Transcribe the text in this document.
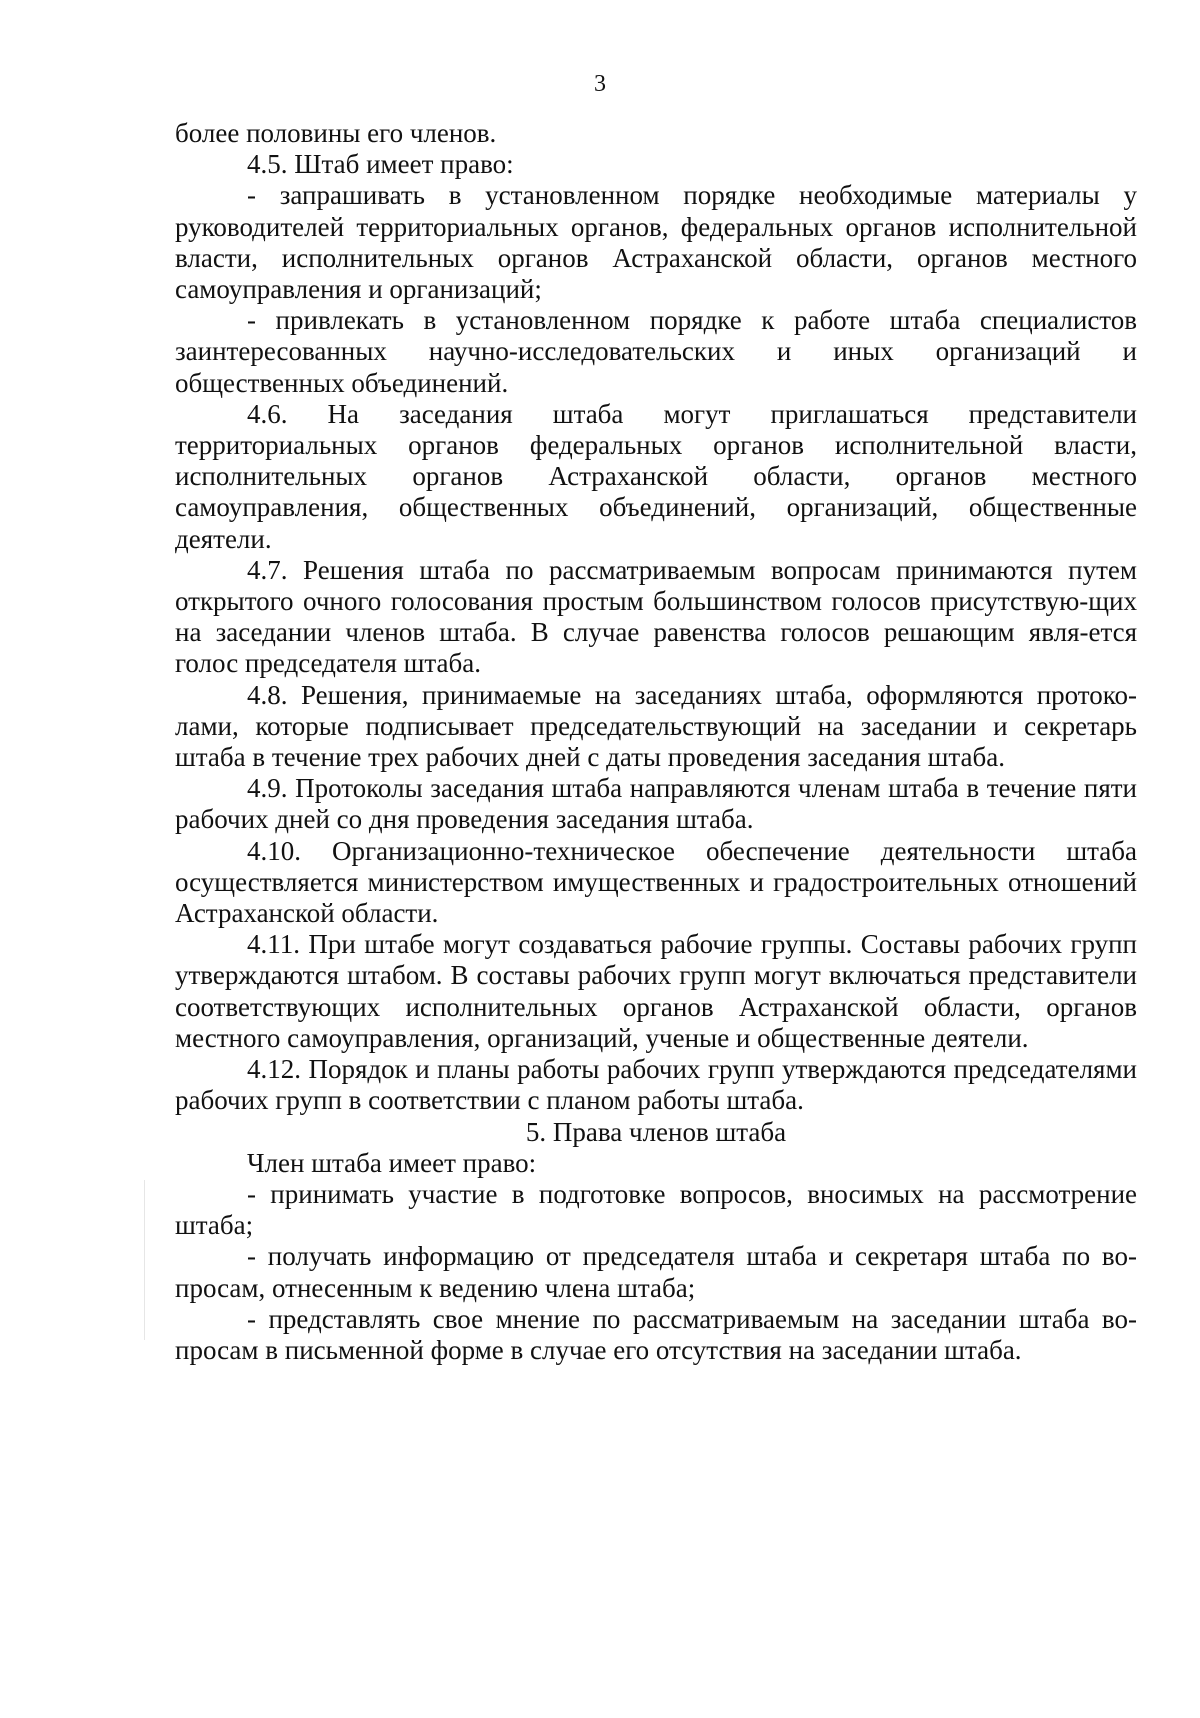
3

более половины его членов.

4.5. Штаб имеет право:

- запрашивать в установленном порядке необходимые материалы у руководителей территориальных органов, федеральных органов исполнительной власти, исполнительных органов Астраханской области, органов местного самоуправления и организаций;

- привлекать в установленном порядке к работе штаба специалистов заинтересованных научно-исследовательских и иных организаций и общественных объединений.

4.6. На заседания штаба могут приглашаться представители территориальных органов федеральных органов исполнительной власти, исполнительных органов Астраханской области, органов местного самоуправления, общественных объединений, организаций, общественные деятели.

4.7. Решения штаба по рассматриваемым вопросам принимаются путем открытого очного голосования простым большинством голосов присутствую-щих на заседании членов штаба. В случае равенства голосов решающим явля-ется голос председателя штаба.

4.8. Решения, принимаемые на заседаниях штаба, оформляются протоко-лами, которые подписывает председательствующий на заседании и секретарь штаба в течение трех рабочих дней с даты проведения заседания штаба.

4.9. Протоколы заседания штаба направляются членам штаба в течение пяти рабочих дней со дня проведения заседания штаба.

4.10. Организационно-техническое обеспечение деятельности штаба осуществляется министерством имущественных и градостроительных отношений Астраханской области.

4.11. При штабе могут создаваться рабочие группы. Составы рабочих групп утверждаются штабом. В составы рабочих групп могут включаться представители соответствующих исполнительных органов Астраханской области, органов местного самоуправления, организаций, ученые и общественные деятели.

4.12. Порядок и планы работы рабочих групп утверждаются председателями рабочих групп в соответствии с планом работы штаба.

5. Права членов штаба

Член штаба имеет право:

- принимать участие в подготовке вопросов, вносимых на рассмотрение штаба;

- получать информацию от председателя штаба и секретаря штаба по во-просам, отнесенным к ведению члена штаба;

- представлять свое мнение по рассматриваемым на заседании штаба во-просам в письменной форме в случае его отсутствия на заседании штаба.
